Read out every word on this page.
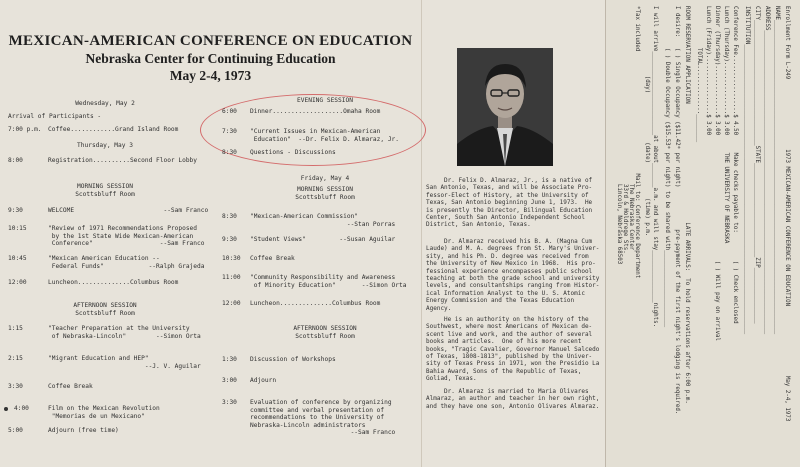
MEXICAN-AMERICAN CONFERENCE ON EDUCATION
Nebraska Center for Continuing Education
May 2-4, 1973
Wednesday, May 2
Arrival of Participants -
7:00 p.m. Coffee............Grand Island Room
Thursday, May 3
8:00	Registration..........Second Floor Lobby
MORNING SESSION
Scottsbluff Room
9:30	WELCOME                        --Sam Franco
10:15	"Review of 1971 Recommendations Proposed
by the 1st State Wide Mexican-American
Conference"                  --Sam Franco
10:45	"Mexican American Education --
Federal Funds"            --Ralph Grajeda
12:00	Luncheon..............Columbus Room
AFTERNOON SESSION
Scottsbluff Room
1:15	"Teacher Preparation at the University
of Nebraska-Lincoln"        --Simon Orta
2:15	"Migrant Education and HEP"
--J. V. Aguilar
3:30	Coffee Break
4:00	Film on the Mexican Revolution
"Memorias de un Mexicano"
5:00	Adjourn (free time)
EVENING SESSION
6:00 Dinner...................Omaha Room
7:30 "Current Issues in Mexican-American
Education"  --Dr. Felix D. Almaraz, Jr.
8:30 Questions - Discussions
Friday, May 4
MORNING SESSION
Scottsbluff Room
8:30 "Mexican-American Commission"
--Stan Porras
9:30 "Student Views"         --Susan Aguilar
10:30 Coffee Break
11:00 "Community Responsibility and Awareness
of Minority Education"       --Simon Orta
12:00 Luncheon..............Columbus Room
AFTERNOON SESSION
Scottsbluff Room
1:30 Discussion of Workshops
3:00 Adjourn
3:30 Evaluation of conference by organizing
committee and verbal presentation of
recommendations to the University of
Nebraska-Lincoln administrators
--Sam Franco
Dr. Felix D. Almaraz, Jr., is a native of
San Antonio, Texas, and will be Associate Pro-
fessor-Elect of History, at the University of
Texas, San Antonio beginning June 1, 1973.  He
is presently the Director, Bilingual Education
Center, South San Antonio Independent School
District, San Antonio, Texas.
Dr. Almaraz received his B. A. (Magna Cum
Laude) and M. A. degrees from St. Mary's Univer-
sity, and his Ph. D. degree was received from
the University of New Mexico in 1968.  His pro-
fessional experience encompasses public school
teaching at both the grade school and university
levels, and consultantships ranging from Histor-
ical Information Analyst to the U. S. Atomic
Energy Commission and the Texas Education
Agency.
He is an authority on the history of the
Southwest, where most Americans of Mexican de-
scent live and work, and the author of several
books and articles.  One of his more recent
books, "Tragic Cavalier, Governor Manuel Salcedo
of Texas, 1808-1813", published by the Univer-
sity of Texas Press in 1971, won the Presidio La
Bahia Award, Sons of the Republic of Texas,
Goliad, Texas.
Dr. Almaraz is married to Maria Olivares
Almaraz, an author and teacher in her own right,
and they have one son, Antonio Olivares Almaraz.	Enrollment Form L-249                    1973 MEXICAN-AMERICAN CONFERENCE ON EDUCATION                    May 2-4, 1973
NAME__________________________________________________________________________________________
ADDRESS_______________________________________________________________________________________
CITY____________________________________STATE___________________________ZIP________________
INSTITUTION___________________________________________________________________________________
Conference Fee.................$ 4.50     Make checks payable to:        ( ) Check enclosed
Lunch (Thursday)...............$ 3.00     THE UNIVERSITY OF NEBRASKA
Dinner (Thursday)..............$ 3.00                                    ( ) Will pay on arrival
Lunch (Friday).................$ 3.00
TOTAL..............________
ROOM RESERVATION APPLICATION                                  LATE ARRIVALS:  To hold reservations after 6:00 p.m.
I desire:   ( ) Single Occupancy ($11.42* per night)            pre-payment of the first night's lodging is required.
( ) Double Occupancy ($15.53* per night) to be shared with______________________
I will arrive________________________at about_______a.m. and will stay_______________nights.
(day)              (date)          (time) p.m.
*Tax included                                   Mail to: Conference Department
The Nebraska Center
33rd & Holdrege Sts.
Lincoln, Nebraska 68503
